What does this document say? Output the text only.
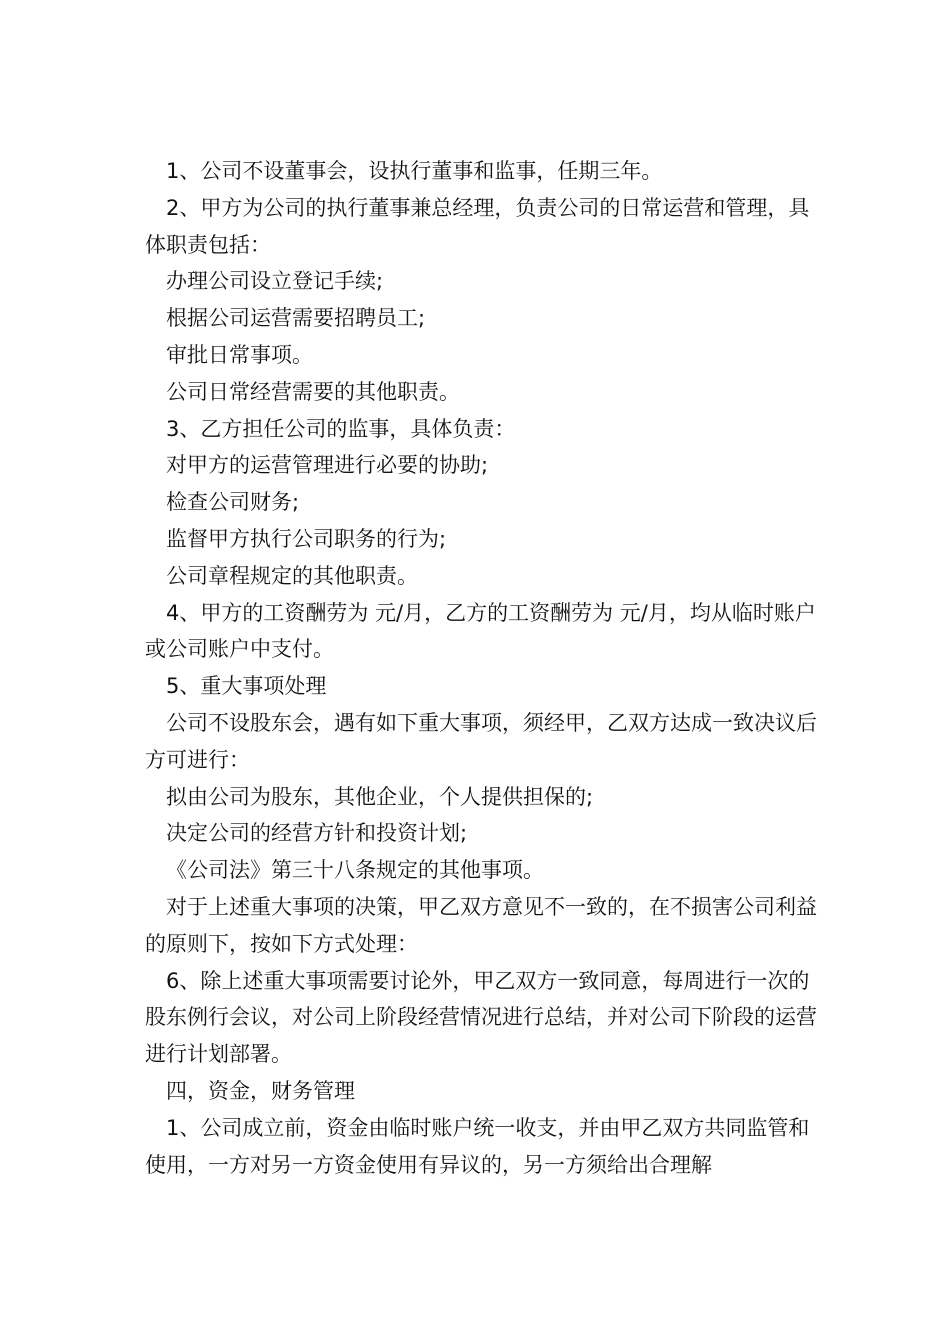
1、公司不设董事会，设执行董事和监事，任期三年。

2、甲方为公司的执行董事兼总经理，负责公司的日常运营和管理，具体职责包括：

办理公司设立登记手续;

根据公司运营需要招聘员工;

审批日常事项。

公司日常经营需要的其他职责。

3、乙方担任公司的监事，具体负责：

对甲方的运营管理进行必要的协助;

检查公司财务;

监督甲方执行公司职务的行为;

公司章程规定的其他职责。

4、甲方的工资酬劳为 元/月，乙方的工资酬劳为 元/月，均从临时账户或公司账户中支付。

5、重大事项处理

公司不设股东会，遇有如下重大事项，须经甲，乙双方达成一致决议后方可进行：

拟由公司为股东，其他企业，个人提供担保的;

决定公司的经营方针和投资计划;

《公司法》第三十八条规定的其他事项。

对于上述重大事项的决策，甲乙双方意见不一致的，在不损害公司利益的原则下，按如下方式处理：

6、除上述重大事项需要讨论外，甲乙双方一致同意，每周进行一次的股东例行会议，对公司上阶段经营情况进行总结，并对公司下阶段的运营进行计划部署。

四，资金，财务管理

1、公司成立前，资金由临时账户统一收支，并由甲乙双方共同监管和使用，一方对另一方资金使用有异议的，另一方须给出合理解
